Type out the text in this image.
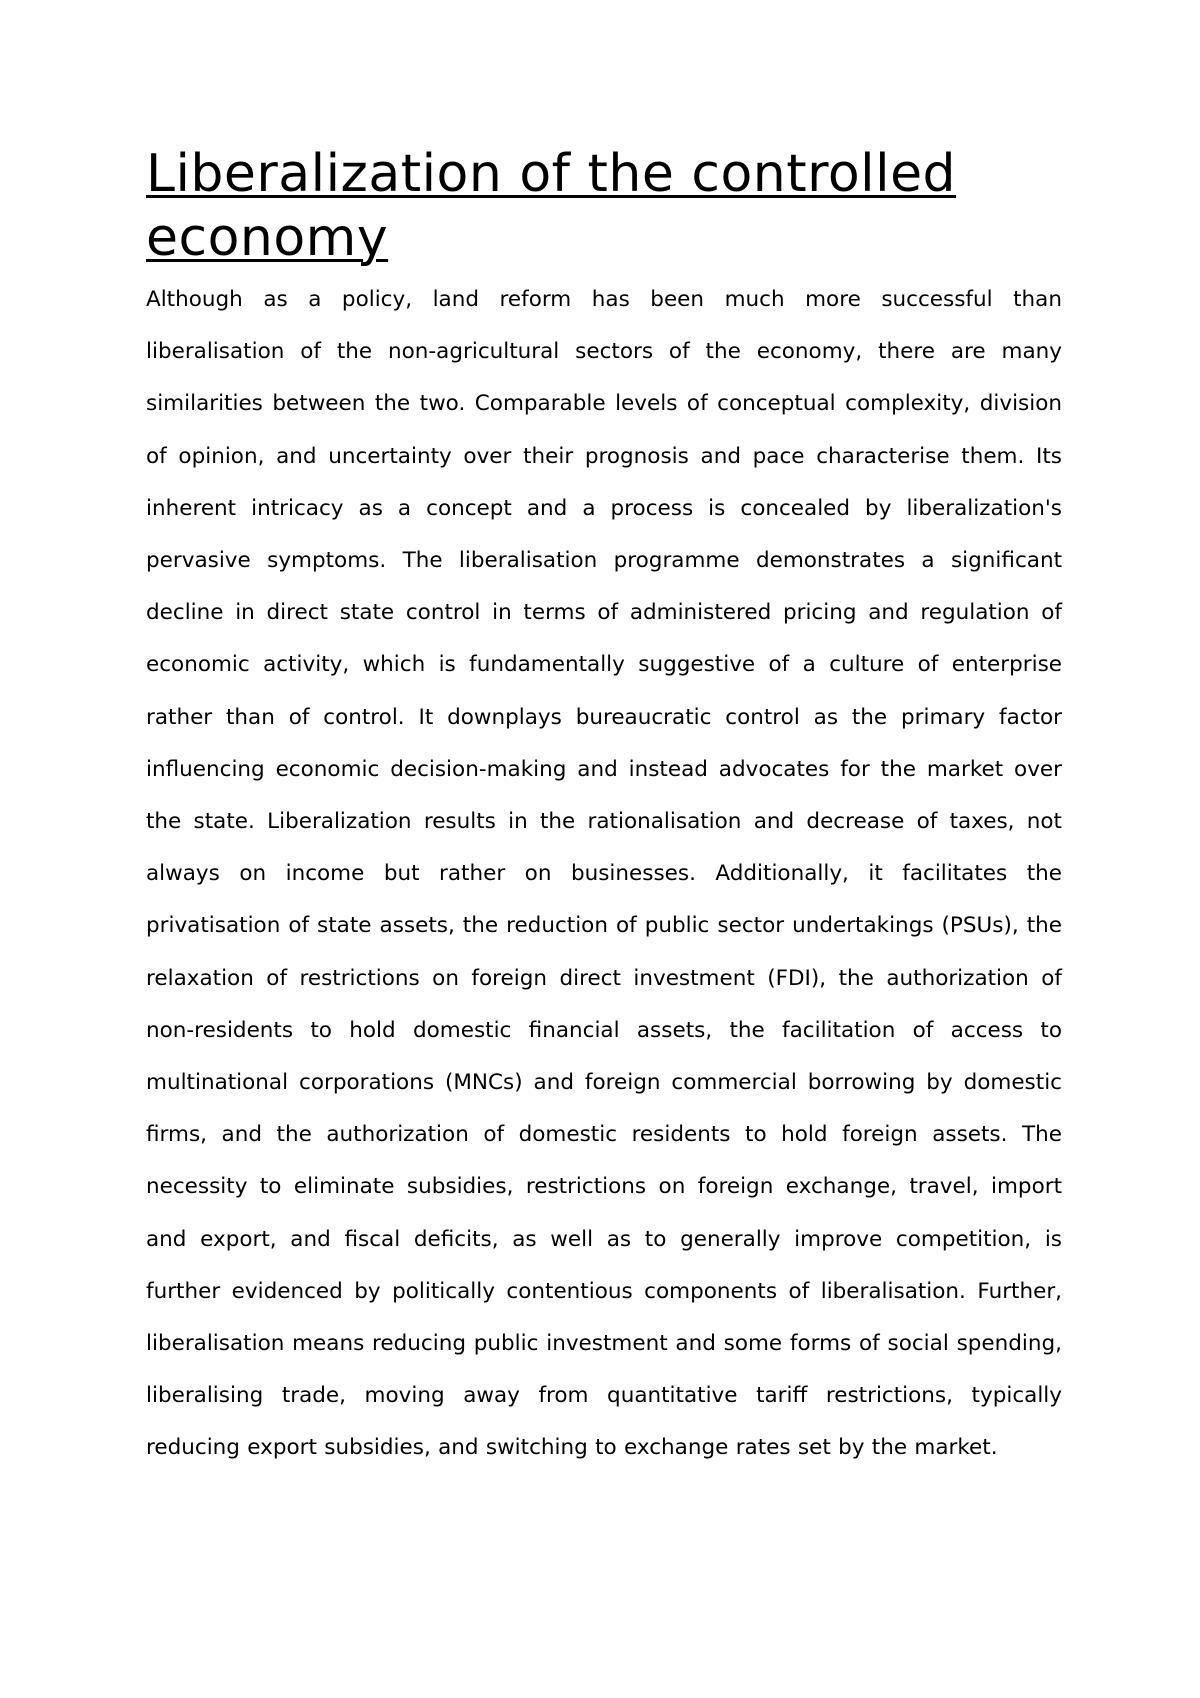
Liberalization of the controlled economy

Although as a policy, land reform has been much more successful than liberalisation of the non-agricultural sectors of the economy, there are many similarities between the two. Comparable levels of conceptual complexity, division of opinion, and uncertainty over their prognosis and pace characterise them. Its inherent intricacy as a concept and a process is concealed by liberalization's pervasive symptoms. The liberalisation programme demonstrates a significant decline in direct state control in terms of administered pricing and regulation of economic activity, which is fundamentally suggestive of a culture of enterprise rather than of control. It downplays bureaucratic control as the primary factor influencing economic decision-making and instead advocates for the market over the state. Liberalization results in the rationalisation and decrease of taxes, not always on income but rather on businesses. Additionally, it facilitates the privatisation of state assets, the reduction of public sector undertakings (PSUs), the relaxation of restrictions on foreign direct investment (FDI), the authorization of non-residents to hold domestic financial assets, the facilitation of access to multinational corporations (MNCs) and foreign commercial borrowing by domestic firms, and the authorization of domestic residents to hold foreign assets. The necessity to eliminate subsidies, restrictions on foreign exchange, travel, import and export, and fiscal deficits, as well as to generally improve competition, is further evidenced by politically contentious components of liberalisation. Further, liberalisation means reducing public investment and some forms of social spending, liberalising trade, moving away from quantitative tariff restrictions, typically reducing export subsidies, and switching to exchange rates set by the market.
